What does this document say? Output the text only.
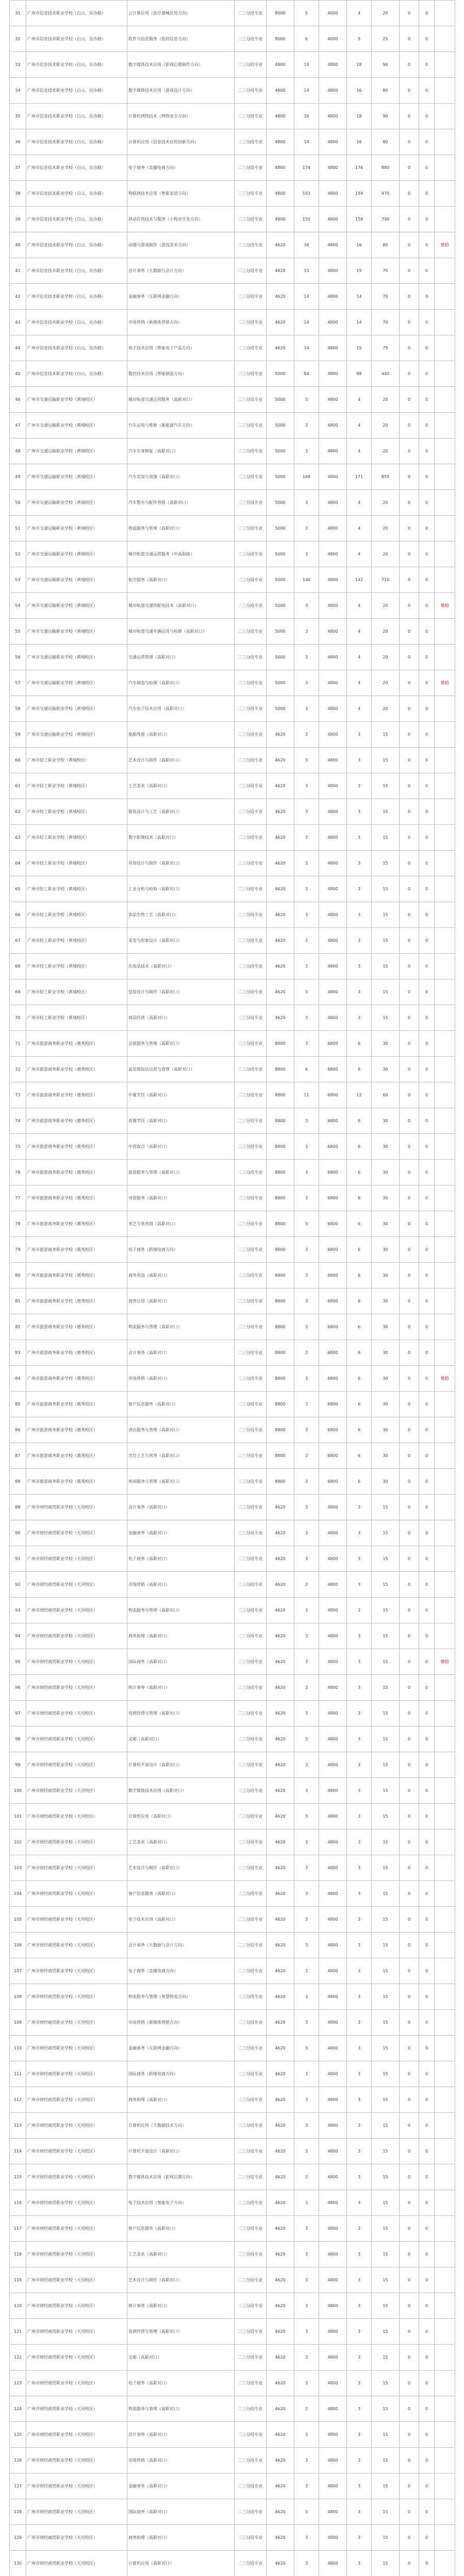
31	广州市信息技术职业学校（白云，民办路）	云计算应用（医疗器械应用方向）	二三分段专业	8000	5	4000	4	20	0	0	
32	广州市信息技术职业学校（白云，民办路）	软件与信息服务（医药信息方向）	二三分段专业	8000	6	4000	5	25	0	0	
33	广州市信息技术职业学校（白云，民办路）	数字媒体技术应用（影视后期制作方向）	二三分段专业	4800	14	4800	18	90	0	0	
34	广州市信息技术职业学校（白云，民办路）	数字媒体技术应用（游戏设计方向）	二三分段专业	4800	14	4800	16	80	0	0	
35	广州市信息技术职业学校（白云，民办路）	计算机网络技术（网络安全方向）	二三分段专业	4800	16	4800	18	90	0	0	
36	广州市信息技术职业学校（白云，民办路）	计算机应用（信息技术应用创新方向）	二三分段专业	4800	14	4800	16	80	0	0	
37	广州市信息技术职业学校（白云，民办路）	电子商务（直播电商方向）	二三分段专业	4800	174	4800	176	880	0	0	
38	广州市信息技术职业学校（白云，民办路）	物联网技术应用（智能家居方向）	二三分段专业	4800	193	4800	194	970	0	0	
39	广州市信息技术职业学校（白云，民办路）	移动应用技术与服务（小程序开发方向）	二三分段专业	4800	155	4800	158	790	0	0	
40	广州市信息技术职业学校（白云，民办路）	动漫与游戏制作（游戏美术方向）	二三分段专业	4620	16	4800	16	80	0	0	增招
41	广州市信息技术职业学校（白云，民办路）	会计事务（大数据与会计方向）	二三分段专业	4620	15	4800	15	75	0	0	
42	广州市信息技术职业学校（白云，民办路）	金融事务（互联网金融方向）	二三分段专业	4620	14	4800	14	70	0	0	
43	广州市信息技术职业学校（白云，民办路）	市场营销（新媒体营销方向）	二三分段专业	4620	14	4800	14	70	0	0	
44	广州市信息技术职业学校（白云，民办路）	电子技术应用（智能电子产品方向）	二三分段专业	4620	14	4800	15	75	0	0	
45	广州市信息技术职业学校（白云，民办路）	数控技术应用（智能制造方向）	二三分段专业	5000	84	4800	88	440	0	0	
46	广州市交通运输职业学校（黄埔校区）	城市轨道交通运营服务（高职对口）	二三分段专业	5000	3	4800	4	20	0	0	
47	广州市交通运输职业学校（黄埔校区）	汽车运用与维修（新能源汽车方向）	二三分段专业	5000	3	4800	4	20	0	0	
48	广州市交通运输职业学校（黄埔校区）	汽车车身修复（高职对口）	二三分段专业	5000	3	4800	4	20	0	0	
49	广州市交通运输职业学校（黄埔校区）	汽车美容与装潢（高职对口）	二三分段专业	5000	168	4800	171	855	0	0	
50	广州市交通运输职业学校（黄埔校区）	汽车整车与配件营销（高职对口）	二三分段专业	5000	3	4800	4	20	0	0	
51	广州市交通运输职业学校（黄埔校区）	物流服务与管理（高职对口）	二三分段专业	5000	3	4800	4	20	0	0	
52	广州市交通运输职业学校（黄埔校区）	城市轨道交通运营服务（中高衔接）	二三分段专业	5000	3	4800	4	20	0	0	
53	广州市交通运输职业学校（黄埔校区）	航空服务（高职对口）	二三分段专业	5000	140	4800	142	710	0	0	
54	广州市交通运输职业学校（黄埔校区）	城市轨道交通供配电技术（高职对口）	二三分段专业	5000	3	4800	4	20	0	0	增招
55	广州市交通运输职业学校（黄埔校区）	城市轨道交通车辆运用与检修（高职对口）	二三分段专业	5000	3	4800	4	20	0	0	
56	广州市交通运输职业学校（黄埔校区）	交通运营管理（高职对口）	二三分段专业	5000	3	4800	4	20	0	0	
57	广州市交通运输职业学校（黄埔校区）	汽车制造与检测（高职对口）	二三分段专业	5000	3	4800	4	20	0	0	增招
58	广州市交通运输职业学校（黄埔校区）	汽车电子技术应用（高职对口）	二三分段专业	5000	3	4800	4	20	0	0	
59	广州市交通运输职业学校（黄埔校区）	船舶驾驶（高职对口）	二三分段专业	4620	3	4800	3	15	0	0	
60	广州市轻工职业学校（黄埔校区）	艺术设计与制作（高职对口）	二三分段专业	4620	3	4800	3	15	0	0	
61	广州市轻工职业学校（黄埔校区）	工艺美术（高职对口）	二三分段专业	4620	3	4800	3	15	0	0	
62	广州市轻工职业学校（黄埔校区）	服装设计与工艺（高职对口）	二三分段专业	4620	3	4800	3	15	0	0	
63	广州市轻工职业学校（黄埔校区）	数字影像技术（高职对口）	二三分段专业	4620	3	4800	3	15	0	0	
64	广州市轻工职业学校（黄埔校区）	首饰设计与制作（高职对口）	二三分段专业	4620	3	4800	3	15	0	0	
65	广州市轻工职业学校（黄埔校区）	工业分析与检验（高职对口）	二三分段专业	4620	3	4800	3	15	0	0	
66	广州市轻工职业学校（黄埔校区）	食品生物工艺（高职对口）	二三分段专业	4620	3	4800	3	15	0	0	
67	广州市轻工职业学校（黄埔校区）	美发与形象设计（高职对口）	二三分段专业	4620	3	4800	3	15	0	0	
68	广州市轻工职业学校（黄埔校区）	化妆品技术（高职对口）	二三分段专业	4620	3	4800	3	15	0	0	
69	广州市轻工职业学校（黄埔校区）	包装设计与制作（高职对口）	二三分段专业	4620	3	4800	3	15	0	0	
70	广州市轻工职业学校（黄埔校区）	商品经营（高职对口）	二三分段专业	4620	3	4800	3	15	0	0	
71	广州市旅游商务职业学校（越秀校区）	会展服务与管理（高职对口）	二三分段专业	8800	3	6800	6	30	0	0	
72	广州市旅游商务职业学校（越秀校区）	高星级饭店运营与管理（高职对口）	二三分段专业	8800	6	6800	6	30	0	0	
73	广州市旅游商务职业学校（越秀校区）	中餐烹饪（高职对口）	二三分段专业	8800	11	6800	12	60	0	0	
74	广州市旅游商务职业学校（越秀校区）	西餐烹饪（高职对口）	二三分段专业	8800	3	6800	6	30	0	0	
75	广州市旅游商务职业学校（越秀校区）	中西面点（高职对口）	二三分段专业	8800	3	6800	6	30	0	0	
76	广州市旅游商务职业学校（越秀校区）	旅游服务与管理（高职对口）	二三分段专业	8800	3	6800	6	30	0	0	
77	广州市旅游商务职业学校（越秀校区）	导游服务（高职对口）	二三分段专业	8800	3	6800	6	30	0	0	
78	广州市旅游商务职业学校（越秀校区）	茶艺与茶营销（高职对口）	二三分段专业	8800	3	6800	6	30	0	0	
79	广州市旅游商务职业学校（越秀校区）	电子商务（跨境电商方向）	二三分段专业	8800	3	6800	6	30	0	0	
80	广州市旅游商务职业学校（越秀校区）	商务英语（高职对口）	二三分段专业	8800	3	6800	6	30	0	0	
81	广州市旅游商务职业学校（越秀校区）	商务日语（高职对口）	二三分段专业	8800	3	6800	6	30	0	0	
82	广州市旅游商务职业学校（越秀校区）	物流服务与管理（高职对口）	二三分段专业	8800	3	6800	6	30	0	0	
83	广州市旅游商务职业学校（越秀校区）	会计事务（高职对口）	二三分段专业	8800	3	6800	6	30	0	0	
84	广州市旅游商务职业学校（越秀校区）	市场营销（高职对口）	二三分段专业	8800	3	6800	6	30	0	0	增招
85	广州市旅游商务职业学校（越秀校区）	客户信息服务（高职对口）	二三分段专业	8800	3	6800	6	30	0	0	
86	广州市旅游商务职业学校（越秀校区）	酒店服务与管理（高职对口）	二三分段专业	8800	3	6800	6	30	0	0	
87	广州市旅游商务职业学校（越秀校区）	烹饪工艺与营养（高职对口）	二三分段专业	8800	3	6800	6	30	0	0	
88	广州市旅游商务职业学校（越秀校区）	休闲服务与管理（高职对口）	二三分段专业	8800	3	6800	6	30	0	0	
89	广州市财经商贸职业学校（天河校区）	会计事务（高职对口）	二三分段专业	4620	3	4800	3	15	0	0	
90	广州市财经商贸职业学校（天河校区）	金融事务（高职对口）	二三分段专业	4620	3	4800	3	15	0	0	
91	广州市财经商贸职业学校（天河校区）	电子商务（高职对口）	二三分段专业	4620	3	4800	3	15	0	0	
92	广州市财经商贸职业学校（天河校区）	市场营销（高职对口）	二三分段专业	4620	3	4800	3	15	0	0	
93	广州市财经商贸职业学校（天河校区）	物流服务与管理（高职对口）	二三分段专业	4620	3	4800	3	15	0	0	
94	广州市财经商贸职业学校（天河校区）	商务助理（高职对口）	二三分段专业	4620	3	4800	3	15	0	0	
95	广州市财经商贸职业学校（天河校区）	国际商务（高职对口）	二三分段专业	4620	3	4800	3	15	0	0	增招
96	广州市财经商贸职业学校（天河校区）	统计事务（高职对口）	二三分段专业	4620	3	4800	3	15	0	0	
97	广州市财经商贸职业学校（天河校区）	连锁经营与管理（高职对口）	二三分段专业	4620	3	4800	3	15	0	0	
98	广州市财经商贸职业学校（天河校区）	文秘（高职对口）	二三分段专业	4620	3	4800	3	15	0	0	
99	广州市财经商贸职业学校（天河校区）	计算机平面设计（高职对口）	二三分段专业	4620	3	4800	3	15	0	0	
100	广州市财经商贸职业学校（天河校区）	数字媒体技术应用（高职对口）	二三分段专业	4620	3	4800	3	15	0	0	
101	广州市财经商贸职业学校（天河校区）	计算机应用（高职对口）	二三分段专业	4620	3	4800	3	15	0	0	
102	广州市财经商贸职业学校（天河校区）	工艺美术（高职对口）	二三分段专业	4620	3	4800	3	15	0	0	
103	广州市财经商贸职业学校（天河校区）	艺术设计与制作（高职对口）	二三分段专业	4620	3	4800	3	15	0	0	
104	广州市财经商贸职业学校（天河校区）	客户信息服务（高职对口）	二三分段专业	4620	3	4800	3	15	0	0	
105	广州市财经商贸职业学校（天河校区）	电子技术应用（高职对口）	二三分段专业	4620	3	4800	3	15	0	0	
106	广州市财经商贸职业学校（天河校区）	会计事务（大数据与会计方向）	二三分段专业	4620	3	4800	3	15	0	0	
107	广州市财经商贸职业学校（天河校区）	电子商务（直播电商方向）	二三分段专业	4620	3	4800	3	15	0	0	
108	广州市财经商贸职业学校（天河校区）	物流服务与管理（智慧物流方向）	二三分段专业	4620	3	4800	3	15	0	0	
109	广州市财经商贸职业学校（天河校区）	市场营销（新媒体营销方向）	二三分段专业	4620	3	4800	3	15	0	0	
110	广州市财经商贸职业学校（天河校区）	金融事务（互联网金融方向）	二三分段专业	4620	3	4800	3	15	0	0	
111	广州市财经商贸职业学校（天河校区）	国际商务（跨境电商方向）	二三分段专业	4620	3	4800	3	15	0	0	
112	广州市财经商贸职业学校（天河校区）	商务助理（高职对口）	二三分段专业	4620	3	4800	3	15	0	0	
113	广州市财经商贸职业学校（天河校区）	计算机应用（大数据技术方向）	二三分段专业	4620	3	4800	3	15	0	0	
114	广州市财经商贸职业学校（天河校区）	计算机平面设计（高职对口）	二三分段专业	4620	3	4800	3	15	0	0	
115	广州市财经商贸职业学校（天河校区）	数字媒体技术应用（影视后期方向）	二三分段专业	4620	3	4800	3	15	0	0	
116	广州市财经商贸职业学校（天河校区）	电子技术应用（智能电子方向）	二三分段专业	4620	3	4800	3	15	0	0	
117	广州市财经商贸职业学校（天河校区）	客户信息服务（高职对口）	二三分段专业	4620	3	4800	3	15	0	0	
118	广州市财经商贸职业学校（天河校区）	工艺美术（高职对口）	二三分段专业	4620	3	4800	3	15	0	0	
119	广州市财经商贸职业学校（天河校区）	艺术设计与制作（高职对口）	二三分段专业	4620	3	4800	3	15	0	0	
120	广州市财经商贸职业学校（天河校区）	统计事务（高职对口）	二三分段专业	4620	3	4800	3	15	0	0	
121	广州市财经商贸职业学校（天河校区）	连锁经营与管理（高职对口）	二三分段专业	4620	3	4800	3	15	0	0	
122	广州市财经商贸职业学校（天河校区）	文秘（高职对口）	二三分段专业	4620	3	4800	3	15	0	0	
123	广州市财经商贸职业学校（天河校区）	电子商务（高职对口）	二三分段专业	4620	3	4800	3	15	0	0	
124	广州市财经商贸职业学校（天河校区）	物流服务与管理（高职对口）	二三分段专业	4620	3	4800	3	15	0	0	
125	广州市财经商贸职业学校（天河校区）	会计事务（高职对口）	二三分段专业	4620	3	4800	3	15	0	0	
126	广州市财经商贸职业学校（天河校区）	市场营销（高职对口）	二三分段专业	4620	3	4800	3	15	0	0	
127	广州市财经商贸职业学校（天河校区）	金融事务（高职对口）	二三分段专业	4620	3	4800	3	15	0	0	
128	广州市财经商贸职业学校（天河校区）	国际商务（高职对口）	二三分段专业	4620	3	4800	3	15	0	0	
129	广州市财经商贸职业学校（天河校区）	商务助理（高职对口）	二三分段专业	4620	3	4800	3	15	0	0	
130	广州市财经商贸职业学校（天河校区）	计算机应用（高职对口）	二三分段专业	4620	3	4800	3	15	0	0	
